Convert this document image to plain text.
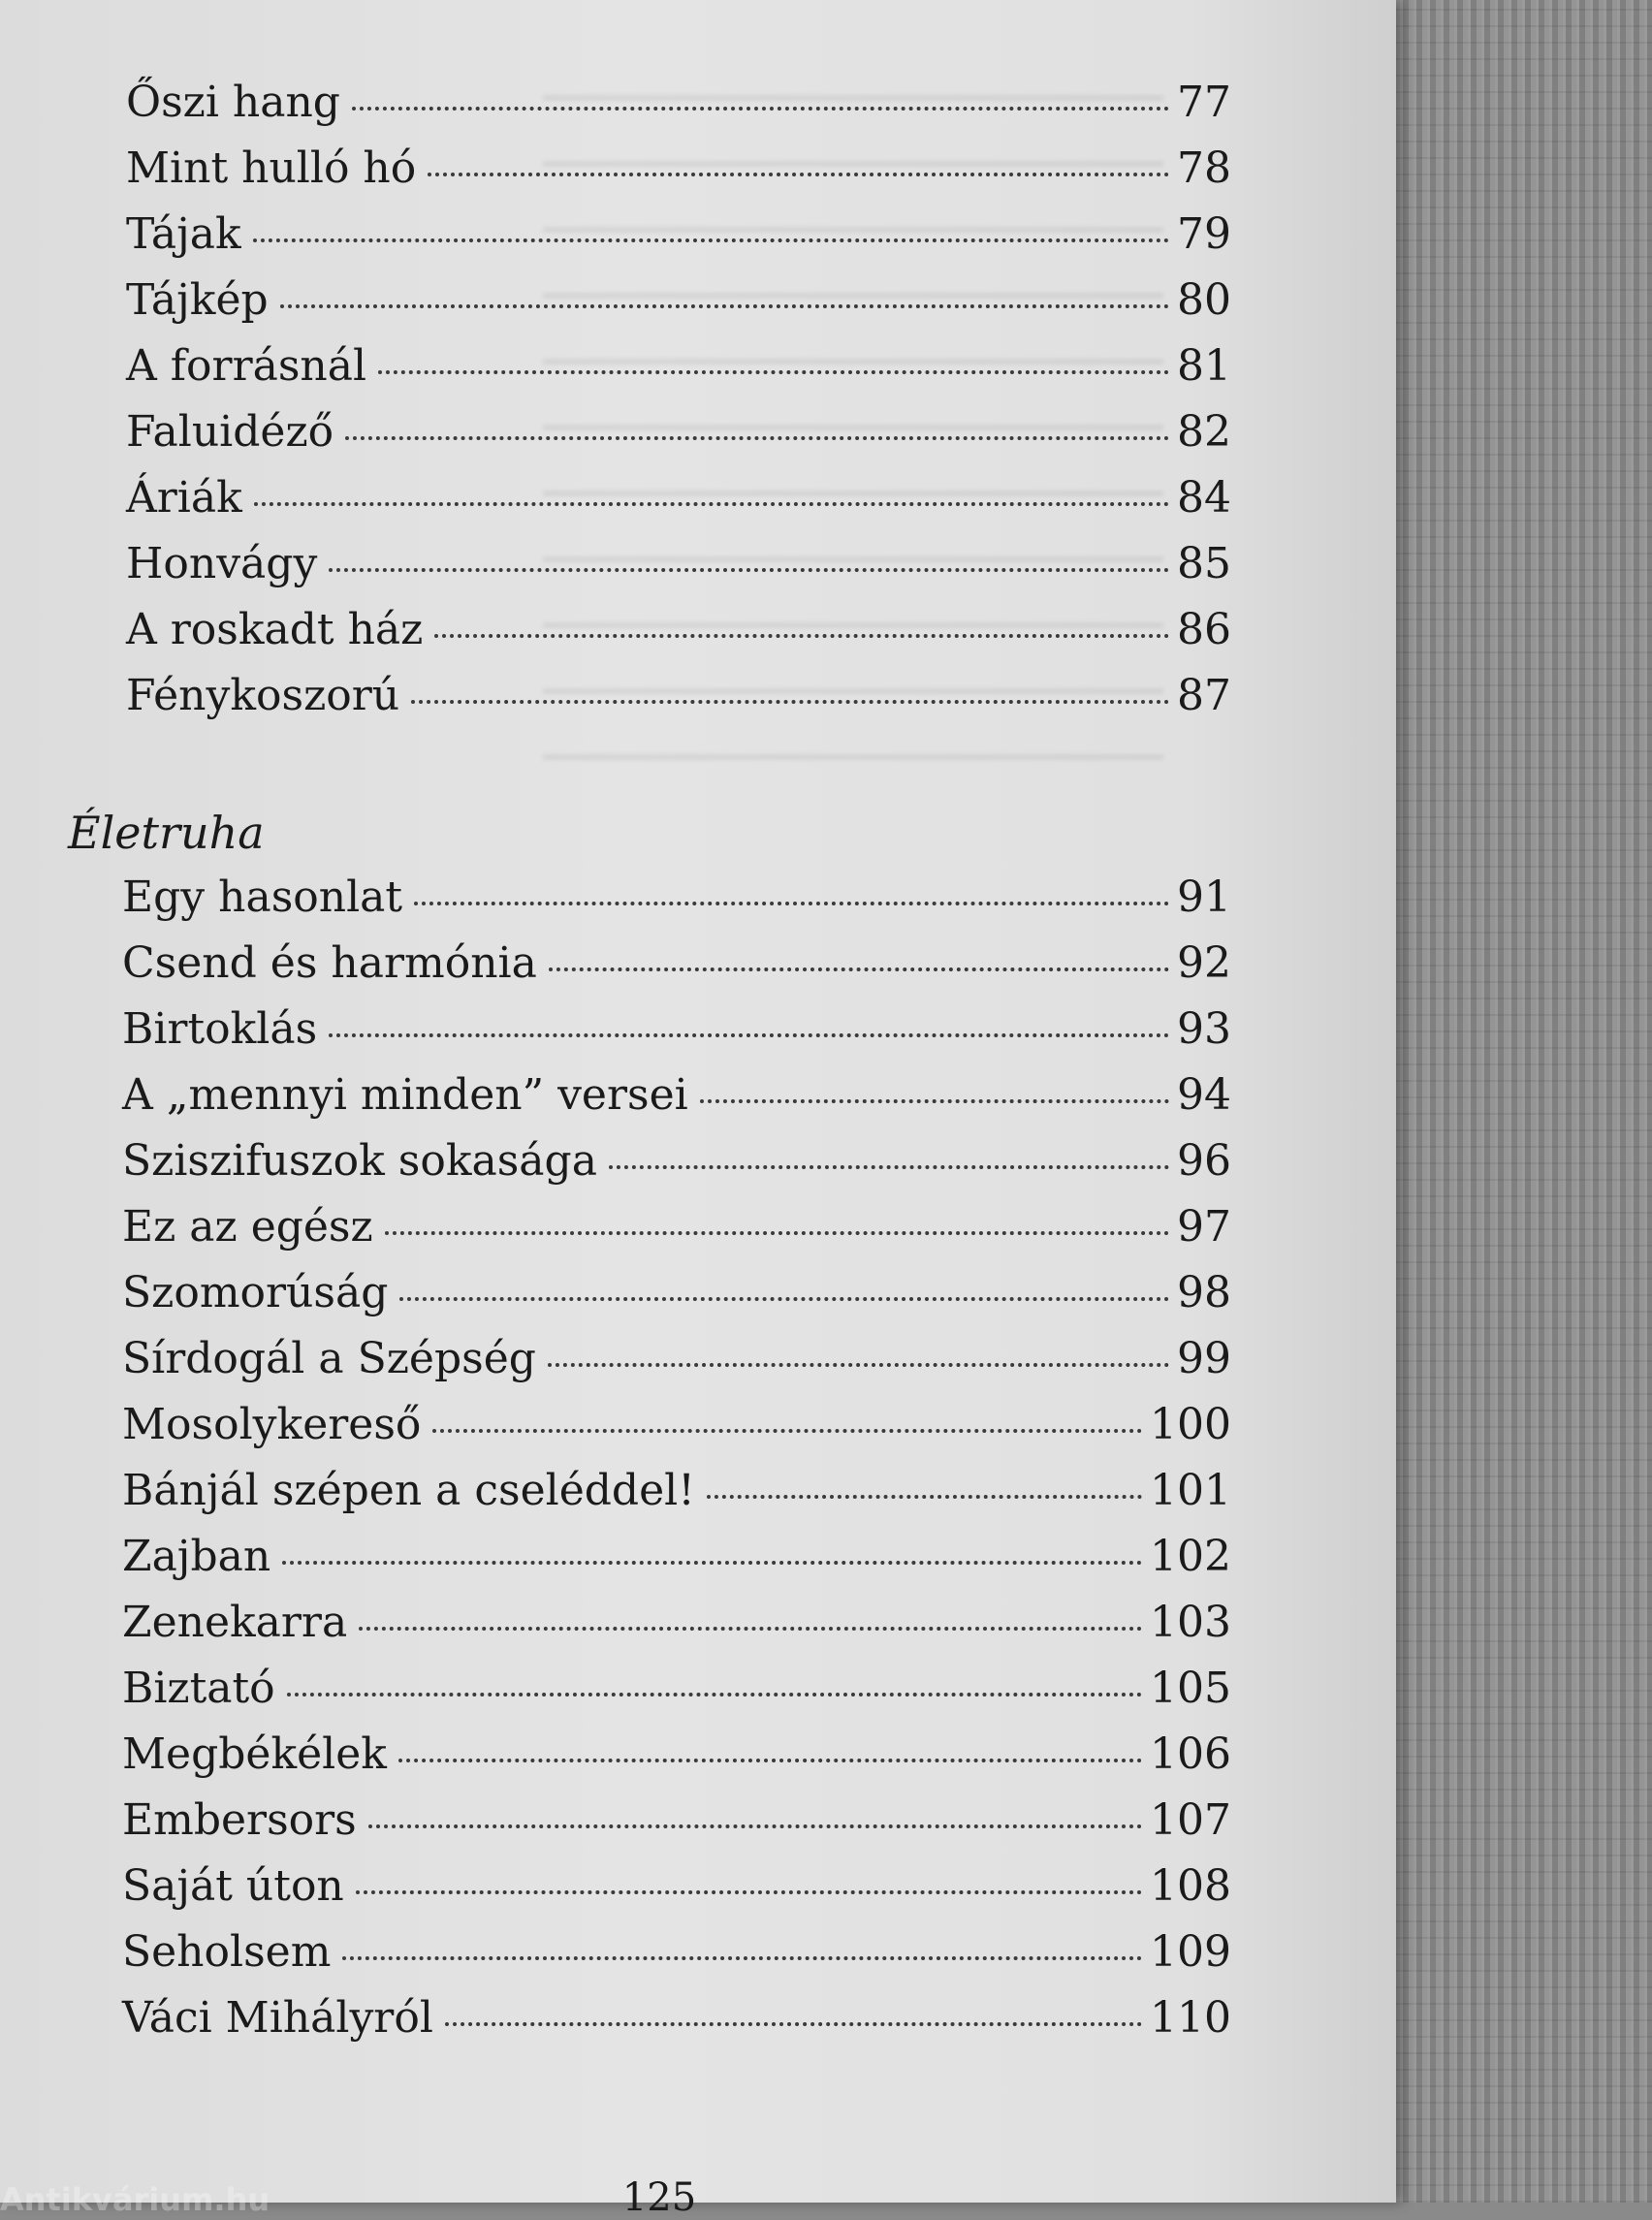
Őszi hang	77
Mint hulló hó	78
Tájak	79
Tájkép	80
A forrásnál	81
Faluidéző	82
Áriák	84
Honvágy	85
A roskadt ház	86
Fénykoszorú	87
Életruha
Egy hasonlat	91
Csend és harmónia	92
Birtoklás	93
A „mennyi minden” versei	94
Sziszifuszok sokasága	96
Ez az egész	97
Szomorúság	98
Sírdogál a Szépség	99
Mosolykereső	100
Bánjál szépen a cseléddel!	101
Zajban	102
Zenekarra	103
Biztató	105
Megbékélek	106
Embersors	107
Saját úton	108
Seholsem	109
Váci Mihályról	110
125
Antikvárium.hu
